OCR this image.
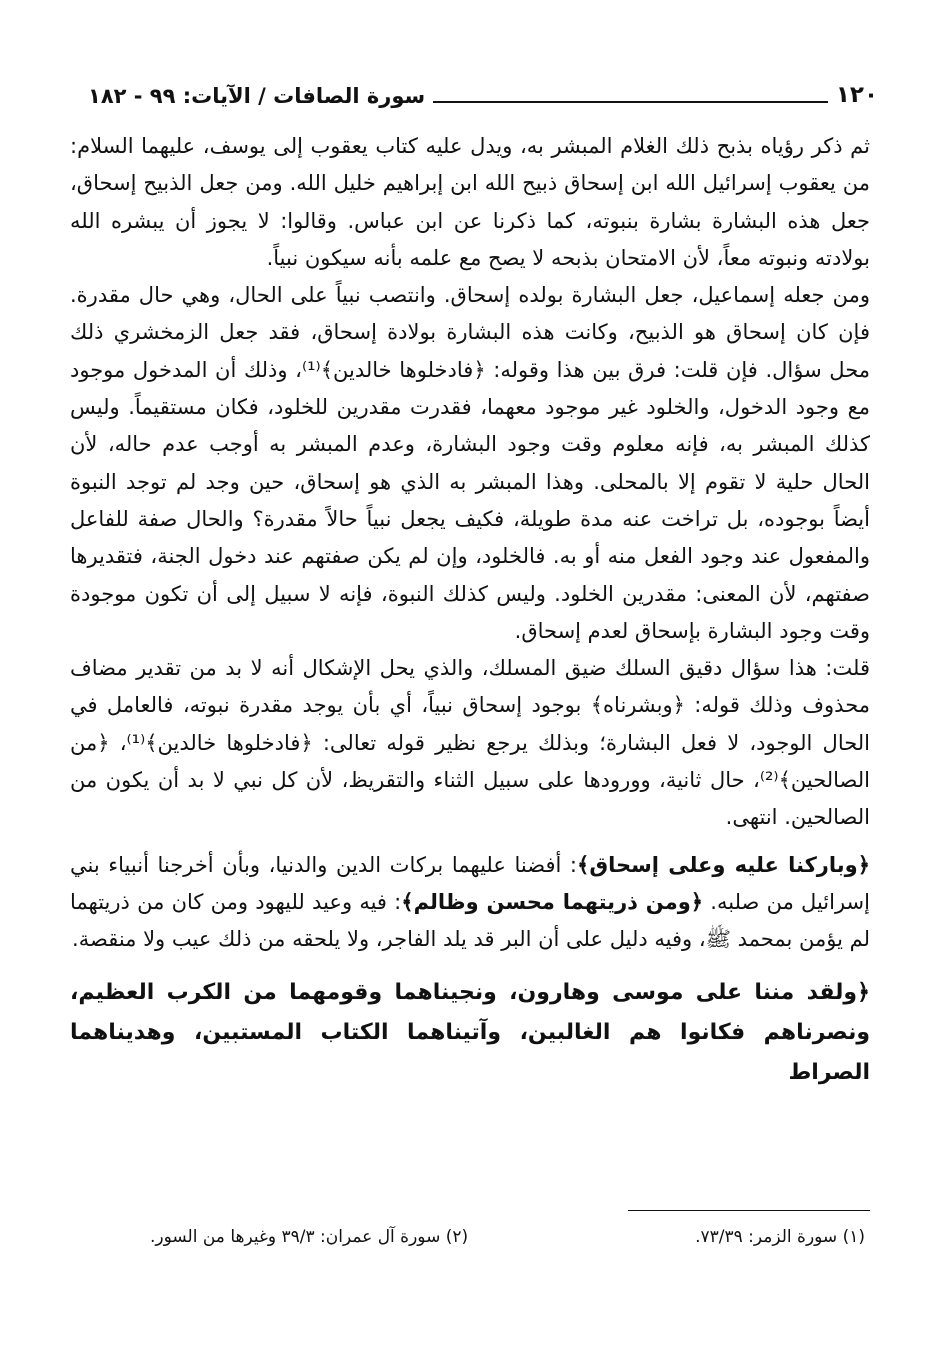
١٢٠
سورة الصافات / الآيات: ٩٩ - ١٨٢

ثم ذكر رؤياه بذبح ذلك الغلام المبشر به، ويدل عليه كتاب يعقوب إلى يوسف، عليهما السلام: من يعقوب إسرائيل الله ابن إسحاق ذبيح الله ابن إبراهيم خليل الله. ومن جعل الذبيح إسحاق، جعل هذه البشارة بشارة بنبوته، كما ذكرنا عن ابن عباس. وقالوا: لا يجوز أن يبشره الله بولادته ونبوته معاً، لأن الامتحان بذبحه لا يصح مع علمه بأنه سيكون نبياً.

ومن جعله إسماعيل، جعل البشارة بولده إسحاق. وانتصب نبياً على الحال، وهي حال مقدرة. فإن كان إسحاق هو الذبيح، وكانت هذه البشارة بولادة إسحاق، فقد جعل الزمخشري ذلك محل سؤال. فإن قلت: فرق بين هذا وقوله: ﴿فادخلوها خالدين﴾⁽¹⁾، وذلك أن المدخول موجود مع وجود الدخول، والخلود غير موجود معهما، فقدرت مقدرين للخلود، فكان مستقيماً. وليس كذلك المبشر به، فإنه معلوم وقت وجود البشارة، وعدم المبشر به أوجب عدم حاله، لأن الحال حلية لا تقوم إلا بالمحلى. وهذا المبشر به الذي هو إسحاق، حين وجد لم توجد النبوة أيضاً بوجوده، بل تراخت عنه مدة طويلة، فكيف يجعل نبياً حالاً مقدرة؟ والحال صفة للفاعل والمفعول عند وجود الفعل منه أو به. فالخلود، وإن لم يكن صفتهم عند دخول الجنة، فتقديرها صفتهم، لأن المعنى: مقدرين الخلود. وليس كذلك النبوة، فإنه لا سبيل إلى أن تكون موجودة وقت وجود البشارة بإسحاق لعدم إسحاق.

قلت: هذا سؤال دقيق السلك ضيق المسلك، والذي يحل الإشكال أنه لا بد من تقدير مضاف محذوف وذلك قوله: ﴿وبشرناه﴾ بوجود إسحاق نبياً، أي بأن يوجد مقدرة نبوته، فالعامل في الحال الوجود، لا فعل البشارة؛ وبذلك يرجع نظير قوله تعالى: ﴿فادخلوها خالدين﴾⁽¹⁾، ﴿من الصالحين﴾⁽²⁾، حال ثانية، وورودها على سبيل الثناء والتقريظ، لأن كل نبي لا بد أن يكون من الصالحين. انتهى.

﴿وباركنا عليه وعلى إسحاق﴾: أفضنا عليهما بركات الدين والدنيا، وبأن أخرجنا أنبياء بني إسرائيل من صلبه. ﴿ومن ذريتهما محسن وظالم﴾: فيه وعيد لليهود ومن كان من ذريتهما لم يؤمن بمحمد ﷺ، وفيه دليل على أن البر قد يلد الفاجر، ولا يلحقه من ذلك عيب ولا منقصة.

﴿ولقد مننا على موسى وهارون، ونجيناهما وقومهما من الكرب العظيم، ونصرناهم فكانوا هم الغالبين، وآتيناهما الكتاب المستبين، وهديناهما الصراط

(١) سورة الزمر: ٧٣/٣٩.
(٢) سورة آل عمران: ٣٩/٣ وغيرها من السور.
